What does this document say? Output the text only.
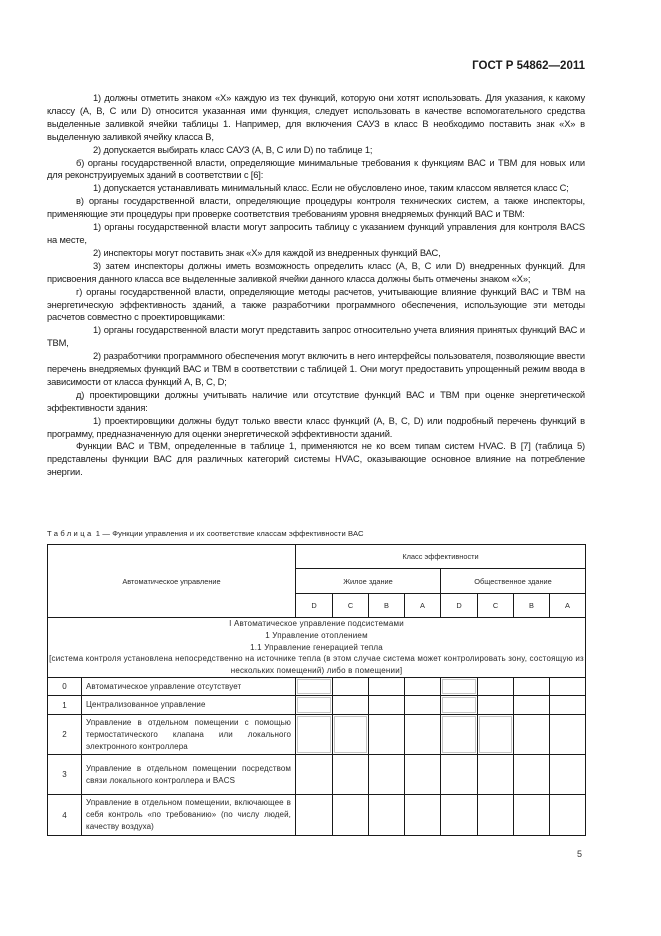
ГОСТ Р 54862—2011

1) должны отметить знаком «Х» каждую из тех функций, которую они хотят использовать. Для указания, к какому классу (А, В, С или D) относится указанная ими функция, следует использовать в качестве вспомогательного средства выделенные заливкой ячейки таблицы 1. Например, для включения САУЗ в класс В необходимо поставить знак «Х» в выделенную заливкой ячейку класса В,

2) допускается выбирать класс САУЗ (А, В, С или D) по таблице 1;

б) органы государственной власти, определяющие минимальные требования к функциям ВАС и ТВМ для новых или для реконструируемых зданий в соответствии с [6]:

1) допускается устанавливать минимальный класс. Если не обусловлено иное, таким классом является класс С;

в) органы государственной власти, определяющие процедуры контроля технических систем, а также инспекторы, применяющие эти процедуры при проверке соответствия требованиям уровня внедряемых функций ВАС и ТВМ:

1) органы государственной власти могут запросить таблицу с указанием функций управления для контроля BACS на месте,

2) инспекторы могут поставить знак «Х» для каждой из внедренных функций ВАС,

3) затем инспекторы должны иметь возможность определить класс (А, В, С или D) внедренных функций. Для присвоения данного класса все выделенные заливкой ячейки данного класса должны быть отмечены знаком «Х»;

г) органы государственной власти, определяющие методы расчетов, учитывающие влияние функций ВАС и ТВМ на энергетическую эффективность зданий, а также разработчики программного обеспечения, использующие эти методы расчетов совместно с проектировщиками:

1) органы государственной власти могут представить запрос относительно учета влияния принятых функций ВАС и ТВМ,

2) разработчики программного обеспечения могут включить в него интерфейсы пользователя, позволяющие ввести перечень внедряемых функций ВАС и ТВМ в соответствии с таблицей 1. Они могут предоставить упрощенный режим ввода в зависимости от класса функций А, В, С, D;

д) проектировщики должны учитывать наличие или отсутствие функций ВАС и ТВМ при оценке энергетической эффективности здания:

1) проектировщики должны будут только ввести класс функций (А, В, С, D) или подробный перечень функций в программу, предназначенную для оценки энергетической эффективности зданий.

Функции ВАС и ТВМ, определенные в таблице 1, применяются не ко всем типам систем HVAC. В [7] (таблица 5) представлены функции ВАС для различных категорий системы HVAC, оказывающие основное влияние на потребление энергии.

Таблица 1 — Функции управления и их соответствие классам эффективности ВАС
Автоматическое управление		Класс эффективности							
		Жилое здание				Общественное здание			
		D	C	B	A	D	C	B	A

I Автоматическое управление подсистемами
1 Управление отоплением
1.1 Управление генерацией тепла
[система контроля установлена непосредственно на источнике тепла (в этом случае система может контролировать зону, состоящую из нескольких помещений) либо в помещении]									

0	Автоматическое управление отсутствует								
1	Централизованное управление								
2	Управление в отдельном помещении с помощью термостатического клапана или локального электронного контроллера								
3	Управление в отдельном помещении посредством связи локального контроллера и BACS								
4	Управление в отдельном помещении, включающее в себя контроль «по требованию» (по числу людей, качеству воздуха)								
5
